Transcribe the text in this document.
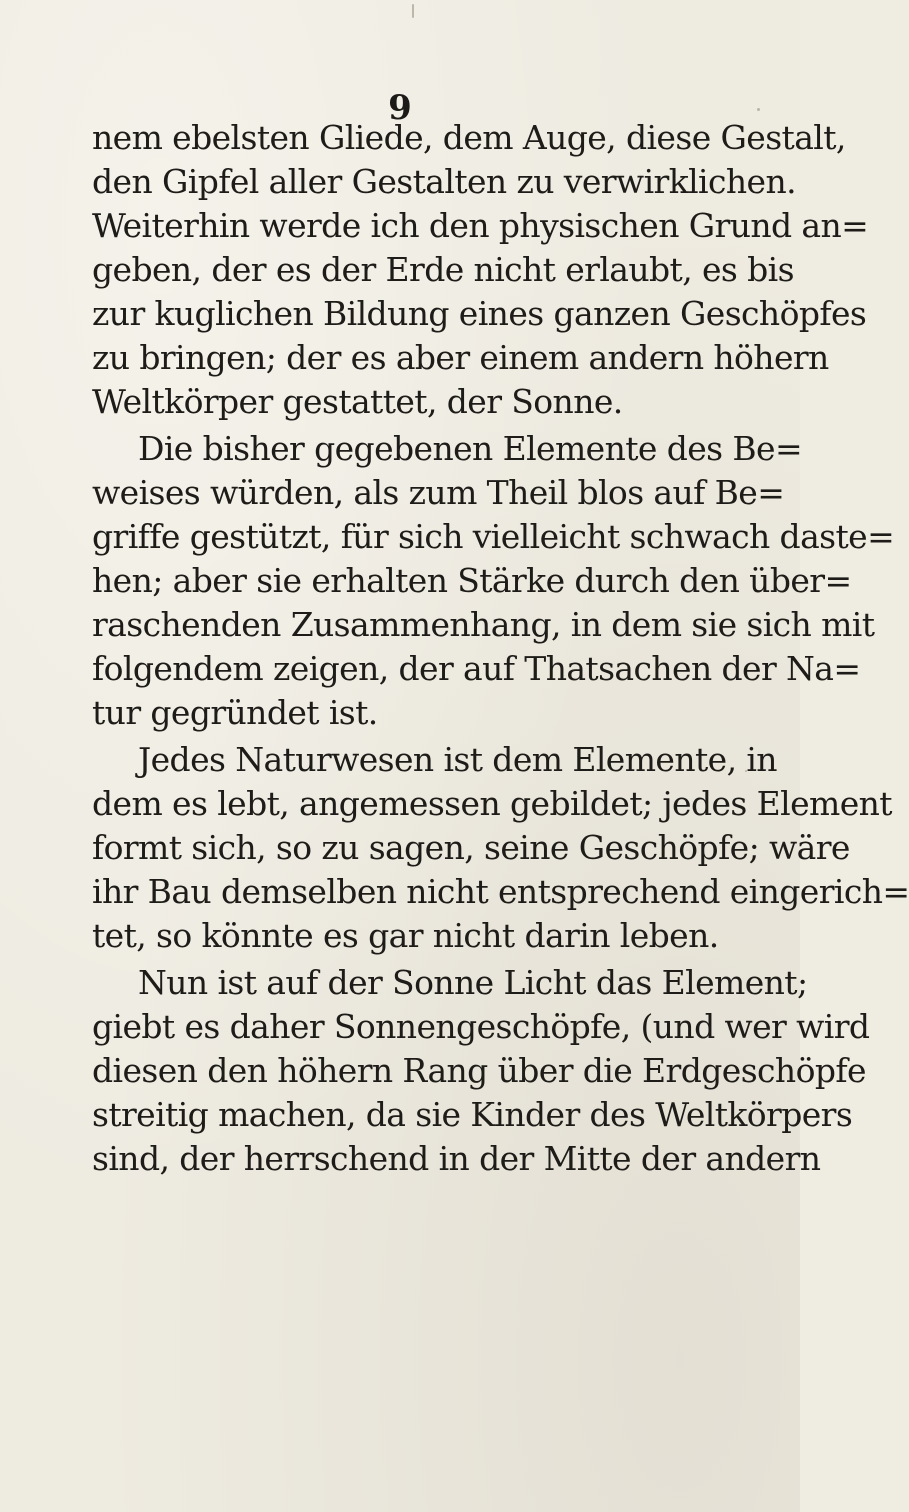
9
nem ebelsten Gliede, dem Auge, diese Gestalt,
den Gipfel aller Gestalten zu verwirklichen.
Weiterhin werde ich den physischen Grund an=
geben, der es der Erde nicht erlaubt, es bis
zur kuglichen Bildung eines ganzen Geschöpfes
zu bringen; der es aber einem andern höhern
Weltkörper gestattet, der Sonne.
Die bisher gegebenen Elemente des Be=
weises würden, als zum Theil blos auf Be=
griffe gestützt, für sich vielleicht schwach daste=
hen; aber sie erhalten Stärke durch den über=
raschenden Zusammenhang, in dem sie sich mit
folgendem zeigen, der auf Thatsachen der Na=
tur gegründet ist.
Jedes Naturwesen ist dem Elemente, in
dem es lebt, angemessen gebildet; jedes Element
formt sich, so zu sagen, seine Geschöpfe; wäre
ihr Bau demselben nicht entsprechend eingerich=
tet, so könnte es gar nicht darin leben.
Nun ist auf der Sonne Licht das Element;
giebt es daher Sonnengeschöpfe, (und wer wird
diesen den höhern Rang über die Erdgeschöpfe
streitig machen, da sie Kinder des Weltkörpers
sind, der herrschend in der Mitte der andern
